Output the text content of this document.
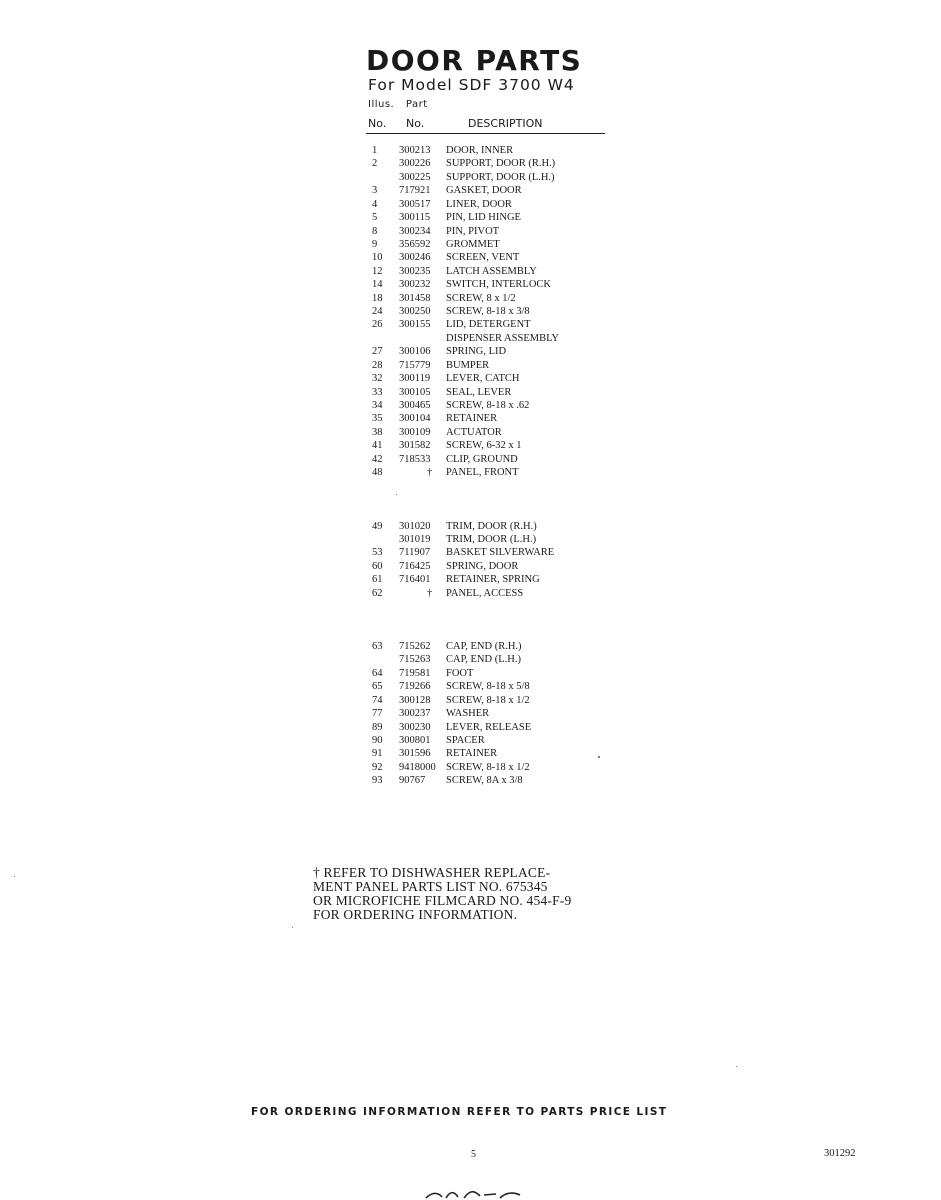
DOOR PARTS
For Model SDF 3700 W4
Illus. Part
No. No.	DESCRIPTION
1 300213 DOOR, INNER
2 300226 SUPPORT, DOOR (R.H.)
300225 SUPPORT, DOOR (L.H.)
3 717921 GASKET, DOOR
4 300517 LINER, DOOR
5 300115 PIN, LID HINGE
8 300234 PIN, PIVOT
9 356592 GROMMET
10 300246 SCREEN, VENT
12 300235 LATCH ASSEMBLY
14 300232 SWITCH, INTERLOCK
18 301458 SCREW, 8 x 1/2
24 300250 SCREW, 8-18 x 3/8
26 300155 LID, DETERGENT
DISPENSER ASSEMBLY
27 300106 SPRING, LID
28 715779 BUMPER
32 300119 LEVER, CATCH
33 300105 SEAL, LEVER
34 300465 SCREW, 8-18 x .62
35 300104 RETAINER
38 300109 ACTUATOR
41 301582 SCREW, 6-32 x 1
42 718533 CLIP, GROUND
48	† PANEL, FRONT
49 301020 TRIM, DOOR (R.H.)
301019 TRIM, DOOR (L.H.)
53 711907 BASKET SILVERWARE
60 716425 SPRING, DOOR
61 716401 RETAINER, SPRING
62	† PANEL, ACCESS
63 715262 CAP, END (R.H.)
715263 CAP, END (L.H.)
64 719581 FOOT
65 719266 SCREW, 8-18 x 5/8
74 300128 SCREW, 8-18 x 1/2
77 300237 WASHER
89 300230 LEVER, RELEASE
90 300801 SPACER
91 301596 RETAINER
92 9418000 SCREW, 8-18 x 1/2
93 90767 SCREW, 8A x 3/8
† REFER TO DISHWASHER REPLACE-
MENT PANEL PARTS LIST NO. 675345
OR MICROFICHE FILMCARD NO. 454-F-9
FOR ORDERING INFORMATION.
FOR ORDERING INFORMATION REFER TO PARTS PRICE LIST
5	301292
